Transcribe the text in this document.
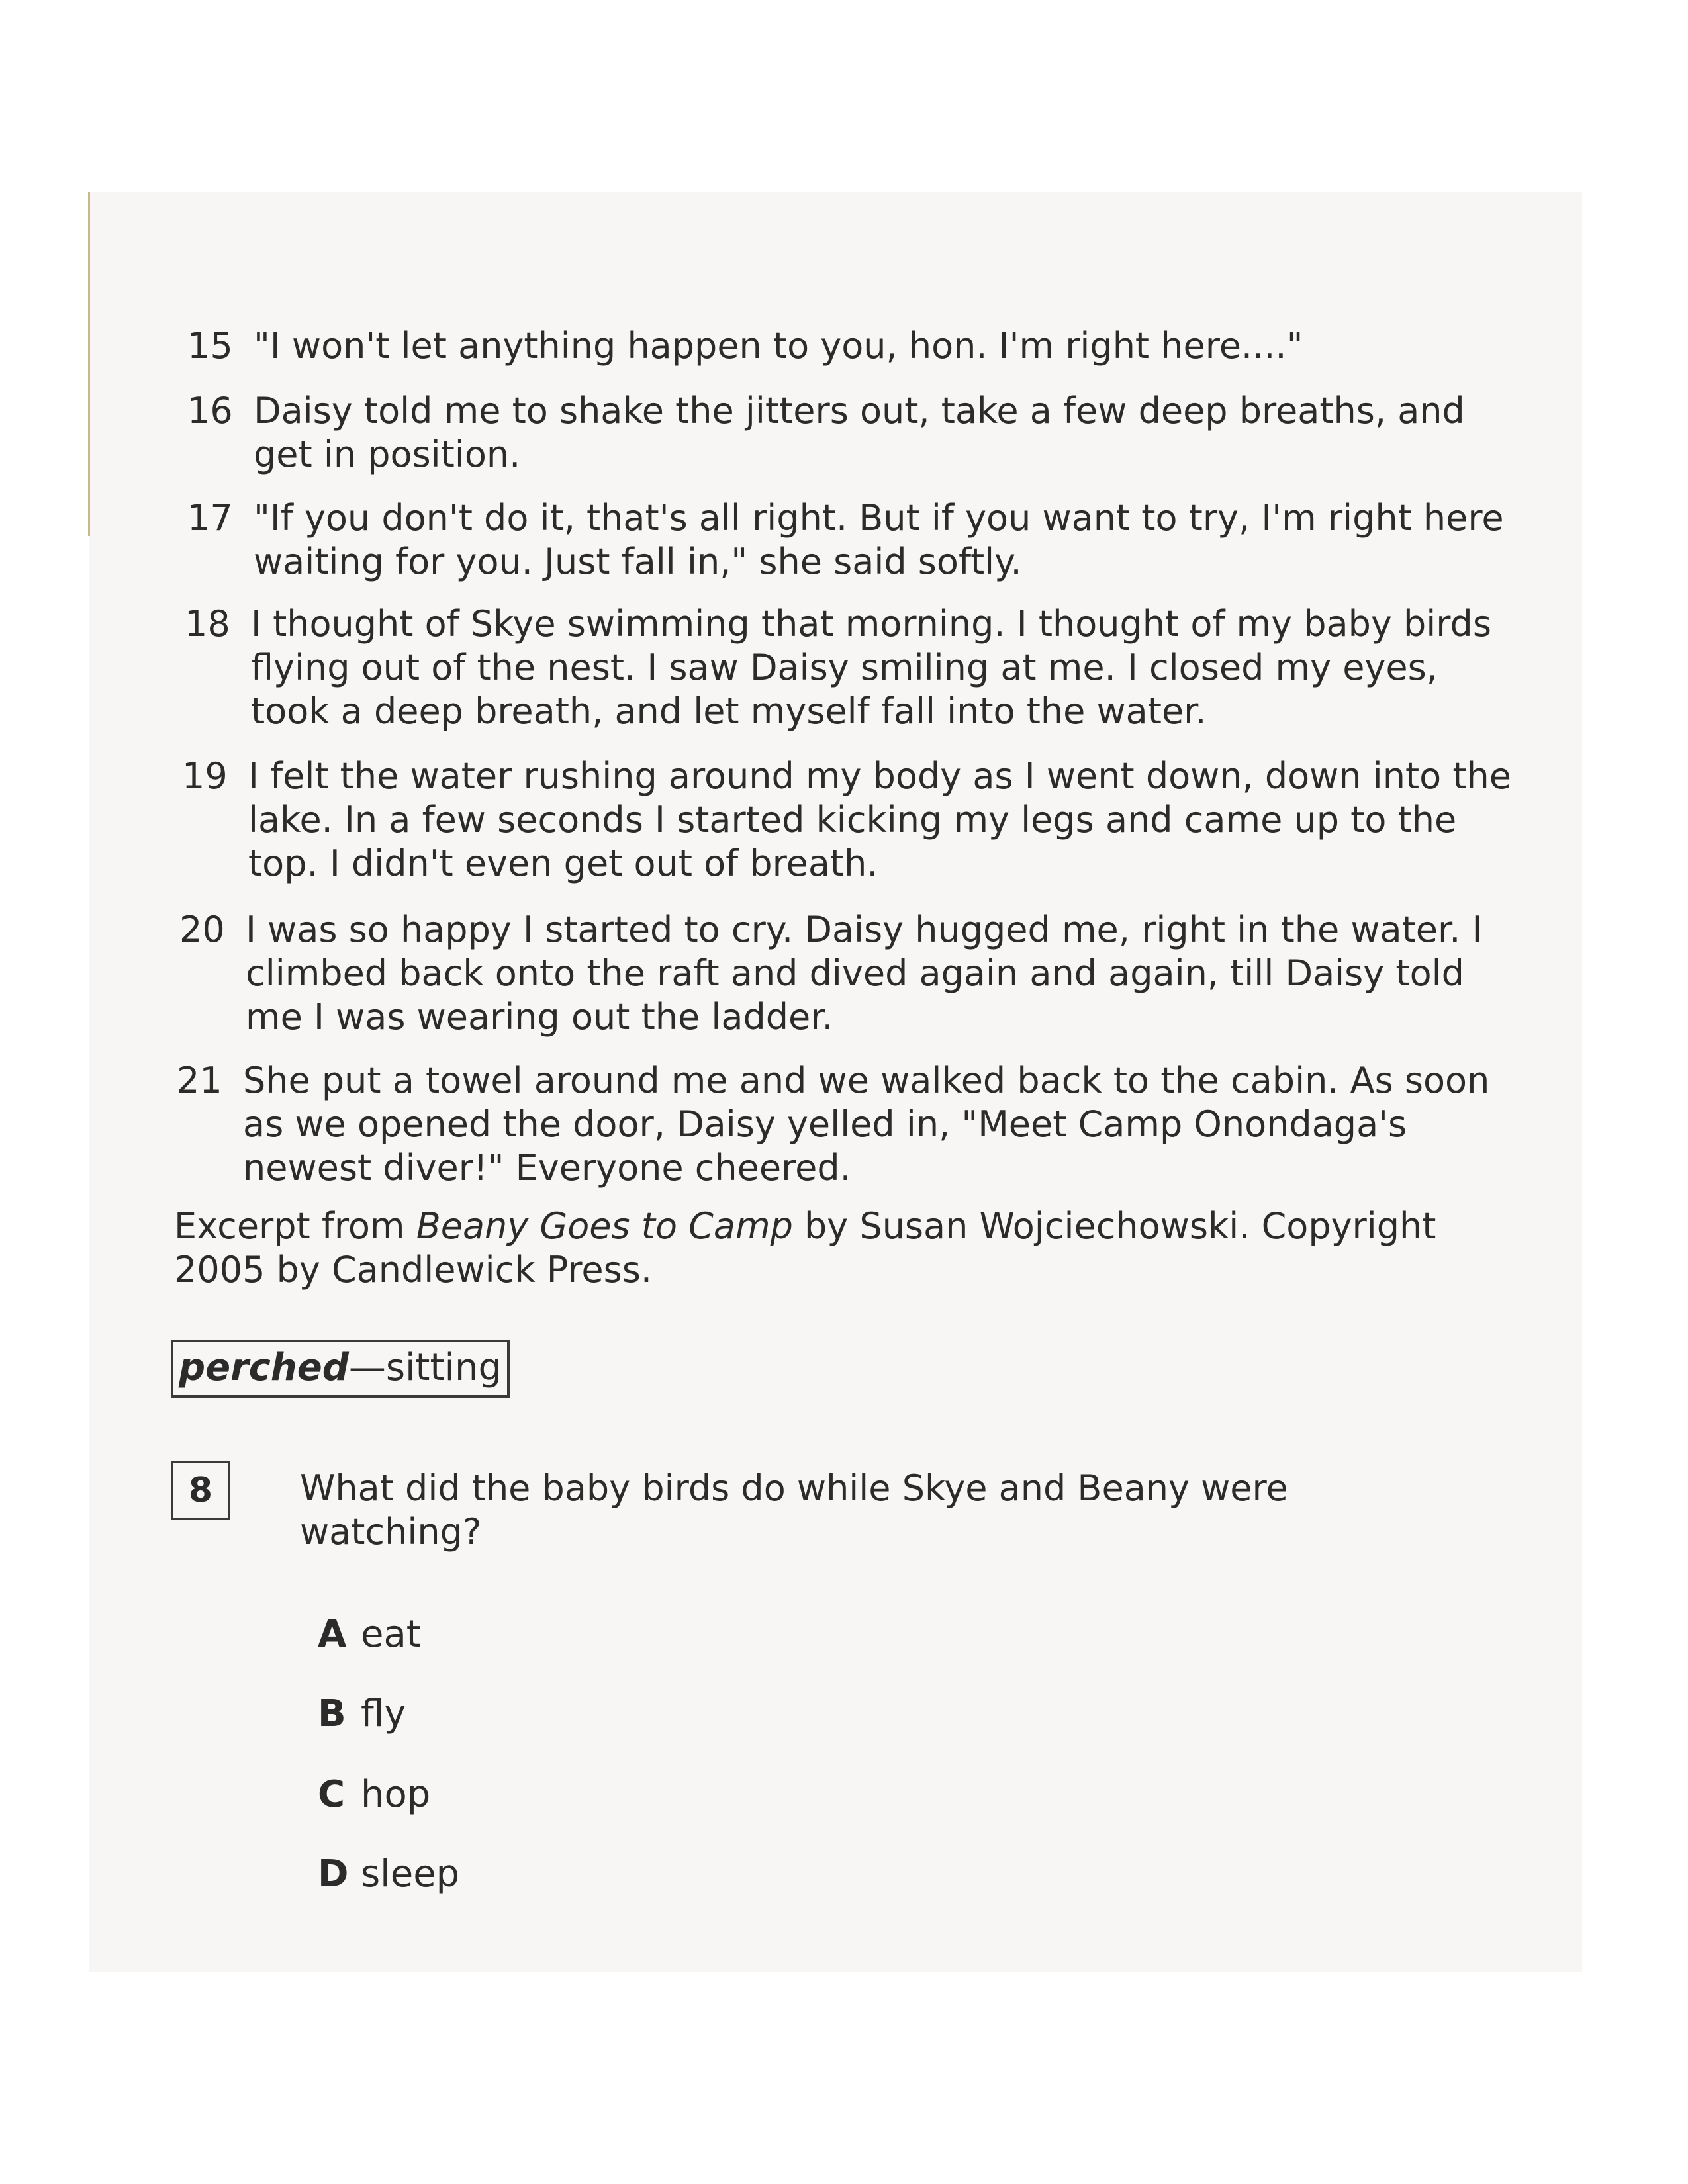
15 "I won't let anything happen to you, hon. I'm right here...."
16 Daisy told me to shake the jitters out, take a few deep breaths, and get in position.
17 "If you don't do it, that's all right. But if you want to try, I'm right here waiting for you. Just fall in," she said softly.
18 I thought of Skye swimming that morning. I thought of my baby birds flying out of the nest. I saw Daisy smiling at me. I closed my eyes, took a deep breath, and let myself fall into the water.
19 I felt the water rushing around my body as I went down, down into the lake. In a few seconds I started kicking my legs and came up to the top. I didn't even get out of breath.
20 I was so happy I started to cry. Daisy hugged me, right in the water. I climbed back onto the raft and dived again and again, till Daisy told me I was wearing out the ladder.
21 She put a towel around me and we walked back to the cabin. As soon as we opened the door, Daisy yelled in, "Meet Camp Onondaga's newest diver!" Everyone cheered.
Excerpt from Beany Goes to Camp by Susan Wojciechowski. Copyright 2005 by Candlewick Press.
perched—sitting
8	What did the baby birds do while Skye and Beany were watching?
A eat
B fly
C hop
D sleep
